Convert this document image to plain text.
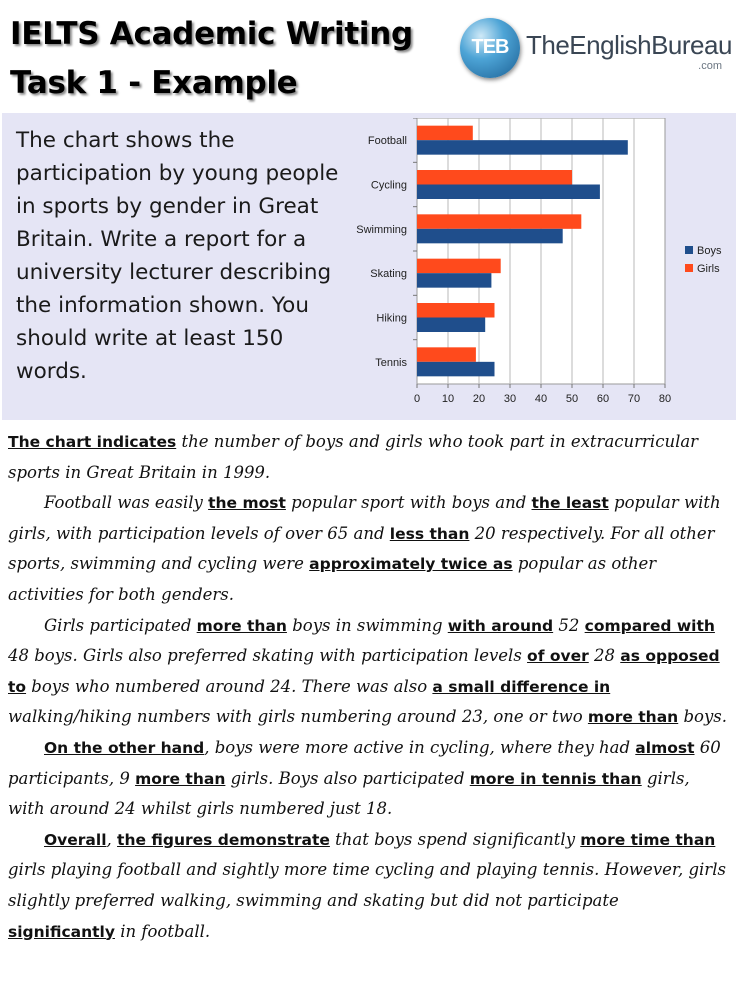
IELTS Academic Writing
Task 1 - Example
TEB TheEnglishBureau
.com
The chart shows the participation by young people in sports by gender in Great Britain. Write a report for a university lecturer describing the information shown. You should write at least 150 words.
0 10 20 30 40 50 60 70 80
Football
Cycling
Swimming
Skating
Hiking
Tennis
Boys
Girls

The chart indicates the number of boys and girls who took part in extracurricular sports in Great Britain in 1999.

Football was easily the most popular sport with boys and the least popular with girls, with participation levels of over 65 and less than 20 respectively. For all other sports, swimming and cycling were approximately twice as popular as other activities for both genders.

Girls participated more than boys in swimming with around 52 compared with 48 boys. Girls also preferred skating with participation levels of over 28 as opposed to boys who numbered around 24. There was also a small difference in walking/hiking numbers with girls numbering around 23, one or two more than boys.

On the other hand, boys were more active in cycling, where they had almost 60 participants, 9 more than girls. Boys also participated more in tennis than girls, with around 24 whilst girls numbered just 18.

Overall, the figures demonstrate that boys spend significantly more time than girls playing football and sightly more time cycling and playing tennis. However, girls slightly preferred walking, swimming and skating but did not participate significantly in football.
